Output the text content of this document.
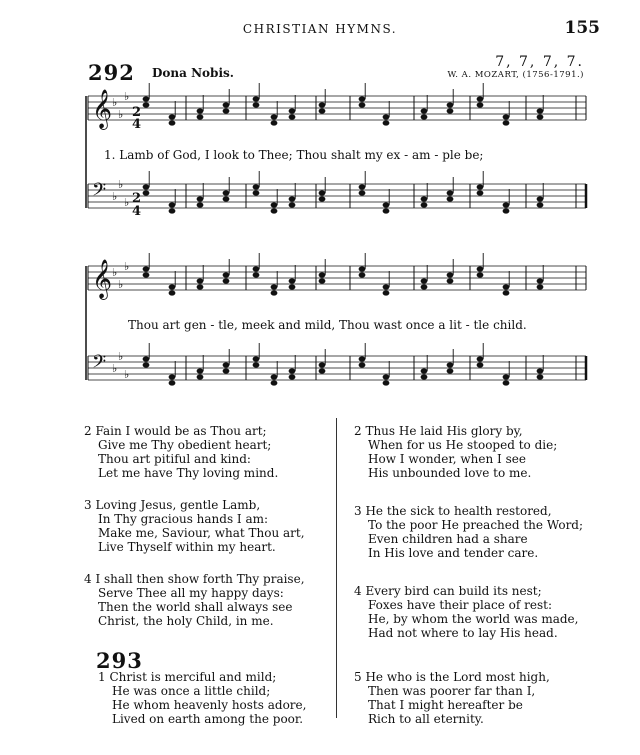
CHRISTIAN HYMNS.	155
292 Dona Nobis.
7, 7, 7, 7.
W. A. MOZART, (1756-1791.)
𝄞 ♭
♭
♭
𝄢 ♭
♭
♭
𝄞 ♭
♭
♭
𝄢 ♭
♭
♭
2
4
2
4
1. Lamb of God, I look to Thee; Thou shalt my ex - am - ple be;
Thou art gen - tle, meek and mild, Thou wast once a lit - tle child.
2 Fain I would be as Thou art;
Give me Thy obedient heart;
Thou art pitiful and kind:
Let me have Thy loving mind.
3 Loving Jesus, gentle Lamb,
In Thy gracious hands I am:
Make me, Saviour, what Thou art,
Live Thyself within my heart.
4 I shall then show forth Thy praise,
Serve Thee all my happy days:
Then the world shall always see
Christ, the holy Child, in me.
293
1 Christ is merciful and mild;
He was once a little child;
He whom heavenly hosts adore,
Lived on earth among the poor.
2 Thus He laid His glory by,
When for us He stooped to die;
How I wonder, when I see
His unbounded love to me.
3 He the sick to health restored,
To the poor He preached the Word;
Even children had a share
In His love and tender care.
4 Every bird can build its nest;
Foxes have their place of rest:
He, by whom the world was made,
Had not where to lay His head.
5 He who is the Lord most high,
Then was poorer far than I,
That I might hereafter be
Rich to all eternity.
